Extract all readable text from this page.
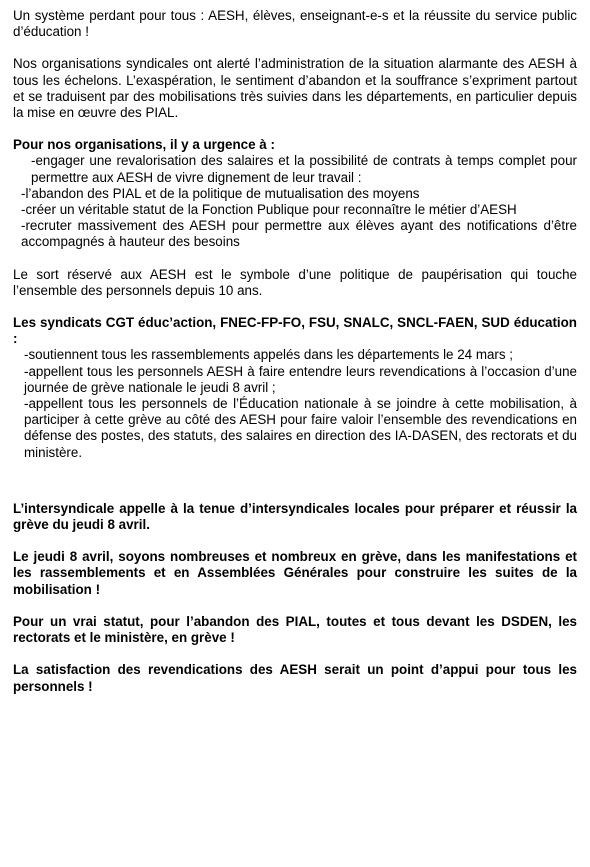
Un système perdant pour tous : AESH, élèves, enseignant-e-s et la réussite du service public d’éducation !

Nos organisations syndicales ont alerté l’administration de la situation alarmante des AESH à tous les échelons. L’exaspération, le sentiment d’abandon et la souffrance s’expriment partout et se traduisent par des mobilisations très suivies dans les départements, en particulier depuis la mise en œuvre des PIAL.

Pour nos organisations, il y a urgence à :

-engager une revalorisation des salaires et la possibilité de contrats à temps complet pour permettre aux AESH de vivre dignement de leur travail :

-l’abandon des PIAL et de la politique de mutualisation des moyens

-créer un véritable statut de la Fonction Publique pour reconnaître le métier d’AESH

-recruter massivement des AESH pour permettre aux élèves ayant des notifications d’être accompagnés à hauteur des besoins

Le sort réservé aux AESH est le symbole d’une politique de paupérisation qui touche l’ensemble des personnels depuis 10 ans.

Les syndicats CGT éduc’action, FNEC-FP-FO, FSU, SNALC, SNCL-FAEN, SUD éducation :

-soutiennent tous les rassemblements appelés dans les départements le 24 mars ;

-appellent tous les personnels AESH à faire entendre leurs revendications à l’occasion d’une journée de grève nationale le jeudi 8 avril ;

-appellent tous les personnels de l’Éducation nationale à se joindre à cette mobilisation, à participer à cette grève au côté des AESH pour faire valoir l’ensemble des revendications en défense des postes, des statuts, des salaires en direction des IA-DASEN, des rectorats et du ministère.

L’intersyndicale appelle à la tenue d’intersyndicales locales pour préparer et réussir la grève du jeudi 8 avril.

Le jeudi 8 avril, soyons nombreuses et nombreux en grève, dans les manifestations et les rassemblements et en Assemblées Générales pour construire les suites de la mobilisation !

Pour un vrai statut, pour l’abandon des PIAL, toutes et tous devant les DSDEN, les rectorats et le ministère, en grève !

La satisfaction des revendications des AESH serait un point d’appui pour tous les personnels !
